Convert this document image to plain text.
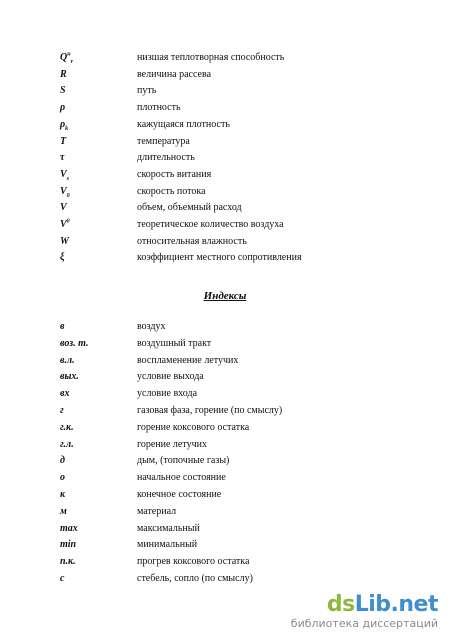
$Q^н_r$	низшая теплотворная способность
R	величина рассева
S	путь
ρ	плотность
$\rho_k$	кажущаяся плотность
T	температура
τ	длительность
$V_s$	скорость витания
$V_0$	скорость потока
V	объем, объемный расход
$V^0$	теоретическое количество воздуха
W	относительная влажность
ξ	коэффициент местного сопротивления
Индексы
в	воздух
воз. т.	воздушный тракт
в.л.	воспламенение летучих
вых.	условие выхода
вх	условие входа
г	газовая фаза, горение (по смыслу)
г.к.	горение коксового остатка
г.л.	горение летучих
д	дым, (топочные газы)
о	начальное состояние
к	конечное состояние
м	материал
max	максимальный
min	минимальный
п.к.	прогрев коксового остатка
с	стебель, сопло (по смыслу)
dsLib.net
библиотека диссертаций
